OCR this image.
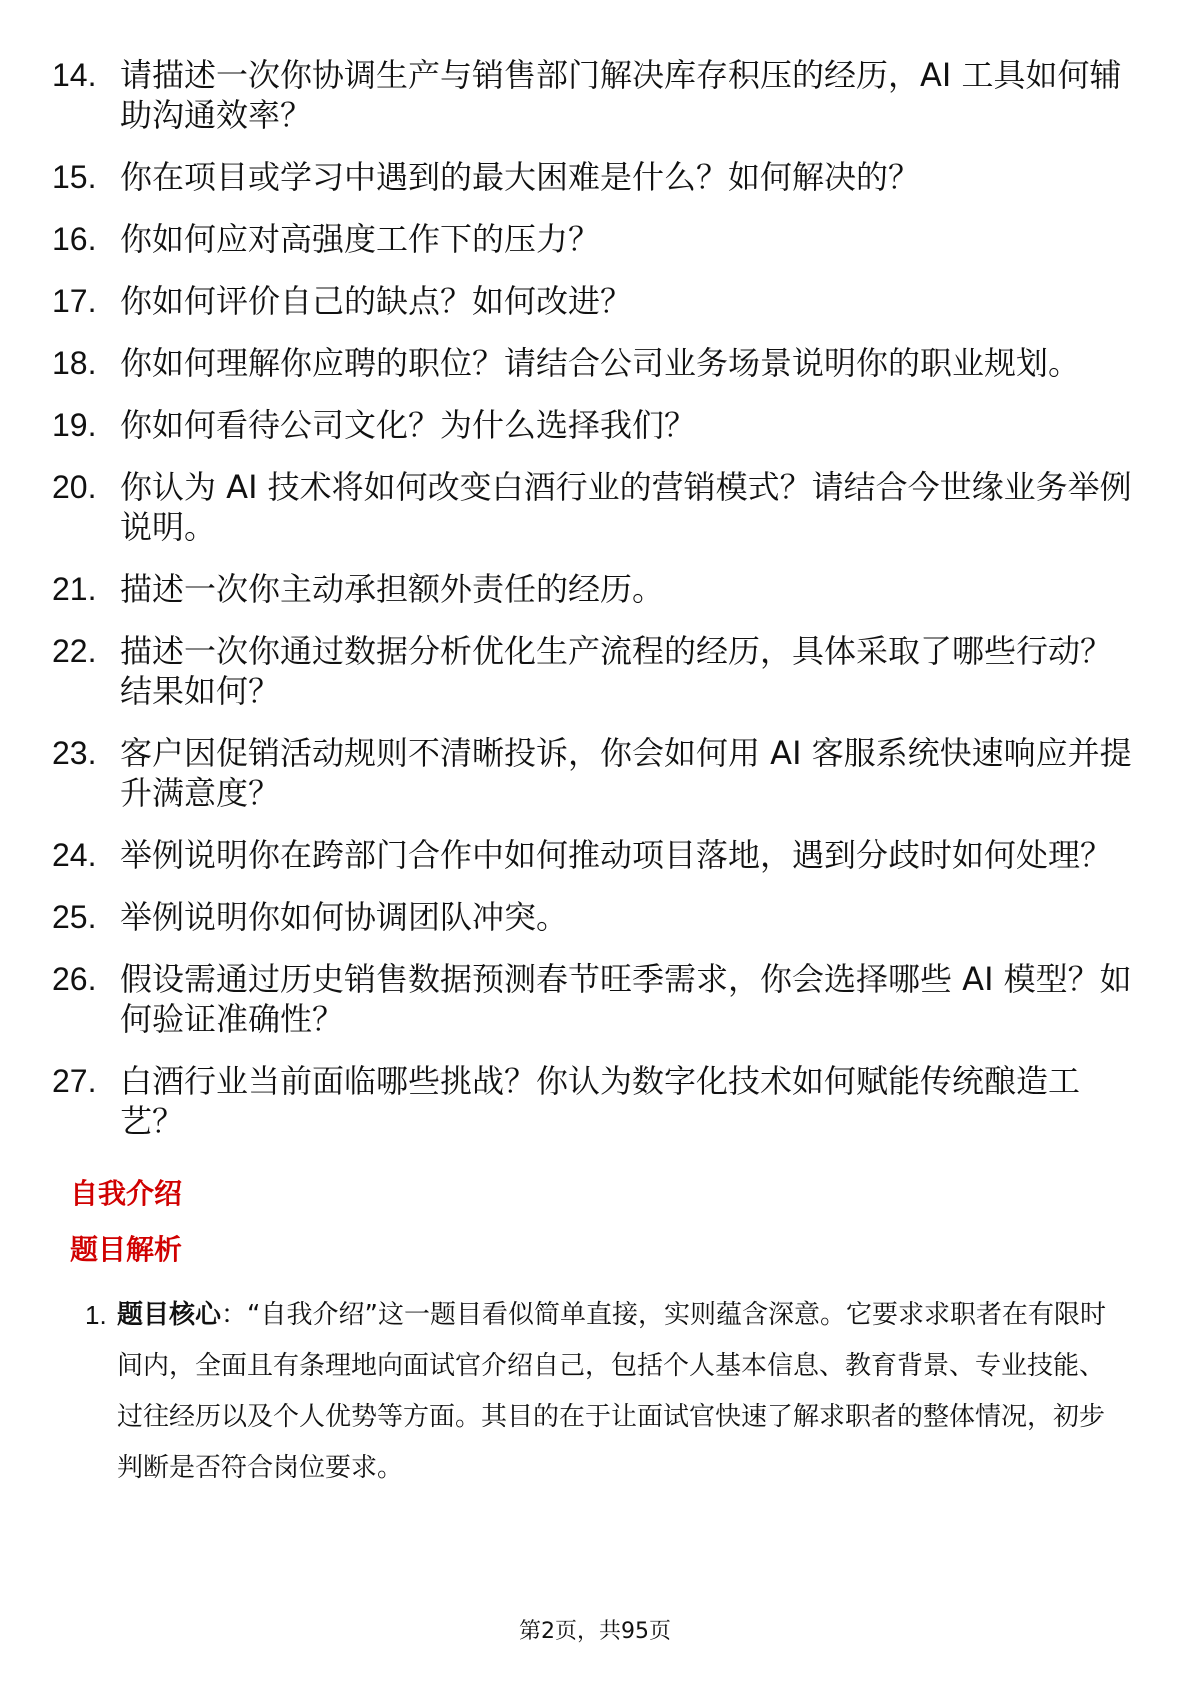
14. 请描述一次你协调生产与销售部门解决库存积压的经历，AI 工具如何辅助沟通效率？
15. 你在项目或学习中遇到的最大困难是什么？如何解决的？
16. 你如何应对高强度工作下的压力？
17. 你如何评价自己的缺点？如何改进？
18. 你如何理解你应聘的职位？请结合公司业务场景说明你的职业规划。
19. 你如何看待公司文化？为什么选择我们？
20. 你认为 AI 技术将如何改变白酒行业的营销模式？请结合今世缘业务举例说明。
21. 描述一次你主动承担额外责任的经历。
22. 描述一次你通过数据分析优化生产流程的经历，具体采取了哪些行动？结果如何？
23. 客户因促销活动规则不清晰投诉，你会如何用 AI 客服系统快速响应并提升满意度？
24. 举例说明你在跨部门合作中如何推动项目落地，遇到分歧时如何处理？
25. 举例说明你如何协调团队冲突。
26. 假设需通过历史销售数据预测春节旺季需求，你会选择哪些 AI 模型？如何验证准确性？
27. 白酒行业当前面临哪些挑战？你认为数字化技术如何赋能传统酿造工艺？
自我介绍
题目解析
1. 题目核心：“自我介绍”这一题目看似简单直接，实则蕴含深意。它要求求职者在有限时间内，全面且有条理地向面试官介绍自己，包括个人基本信息、教育背景、专业技能、过往经历以及个人优势等方面。其目的在于让面试官快速了解求职者的整体情况，初步判断是否符合岗位要求。
第2页，共95页
